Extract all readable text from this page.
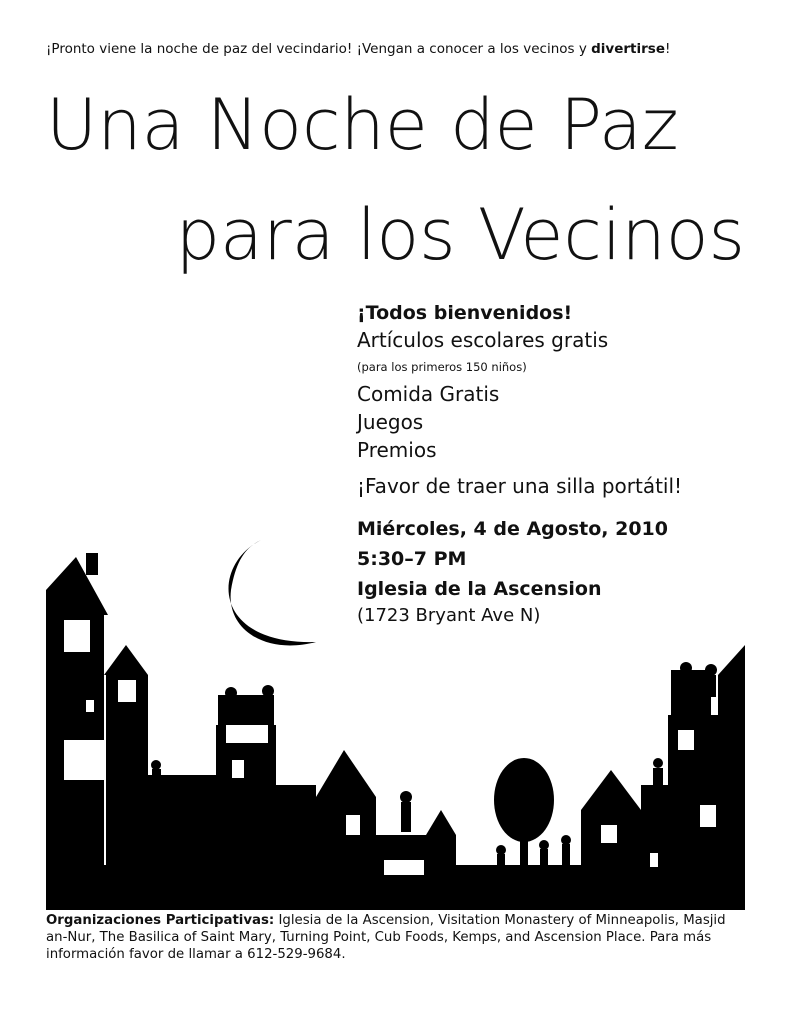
¡Pronto viene la noche de paz del vecindario! ¡Vengan a conocer a los vecinos y divertirse!
Una Noche de Paz
para los Vecinos
¡Todos bienvenidos!
Artículos escolares gratis
(para los primeros 150 niños)
Comida Gratis
Juegos
Premios
¡Favor de traer una silla portátil!
Miércoles, 4 de Agosto, 2010
5:30–7 PM
Iglesia de la Ascension
(1723 Bryant Ave N)
Organizaciones Participativas: Iglesia de la Ascension, Visitation Monastery of Minneapolis, Masjid an-Nur, The Basilica of Saint Mary, Turning Point, Cub Foods, Kemps, and Ascension Place. Para más información favor de llamar a 612-529-9684.
